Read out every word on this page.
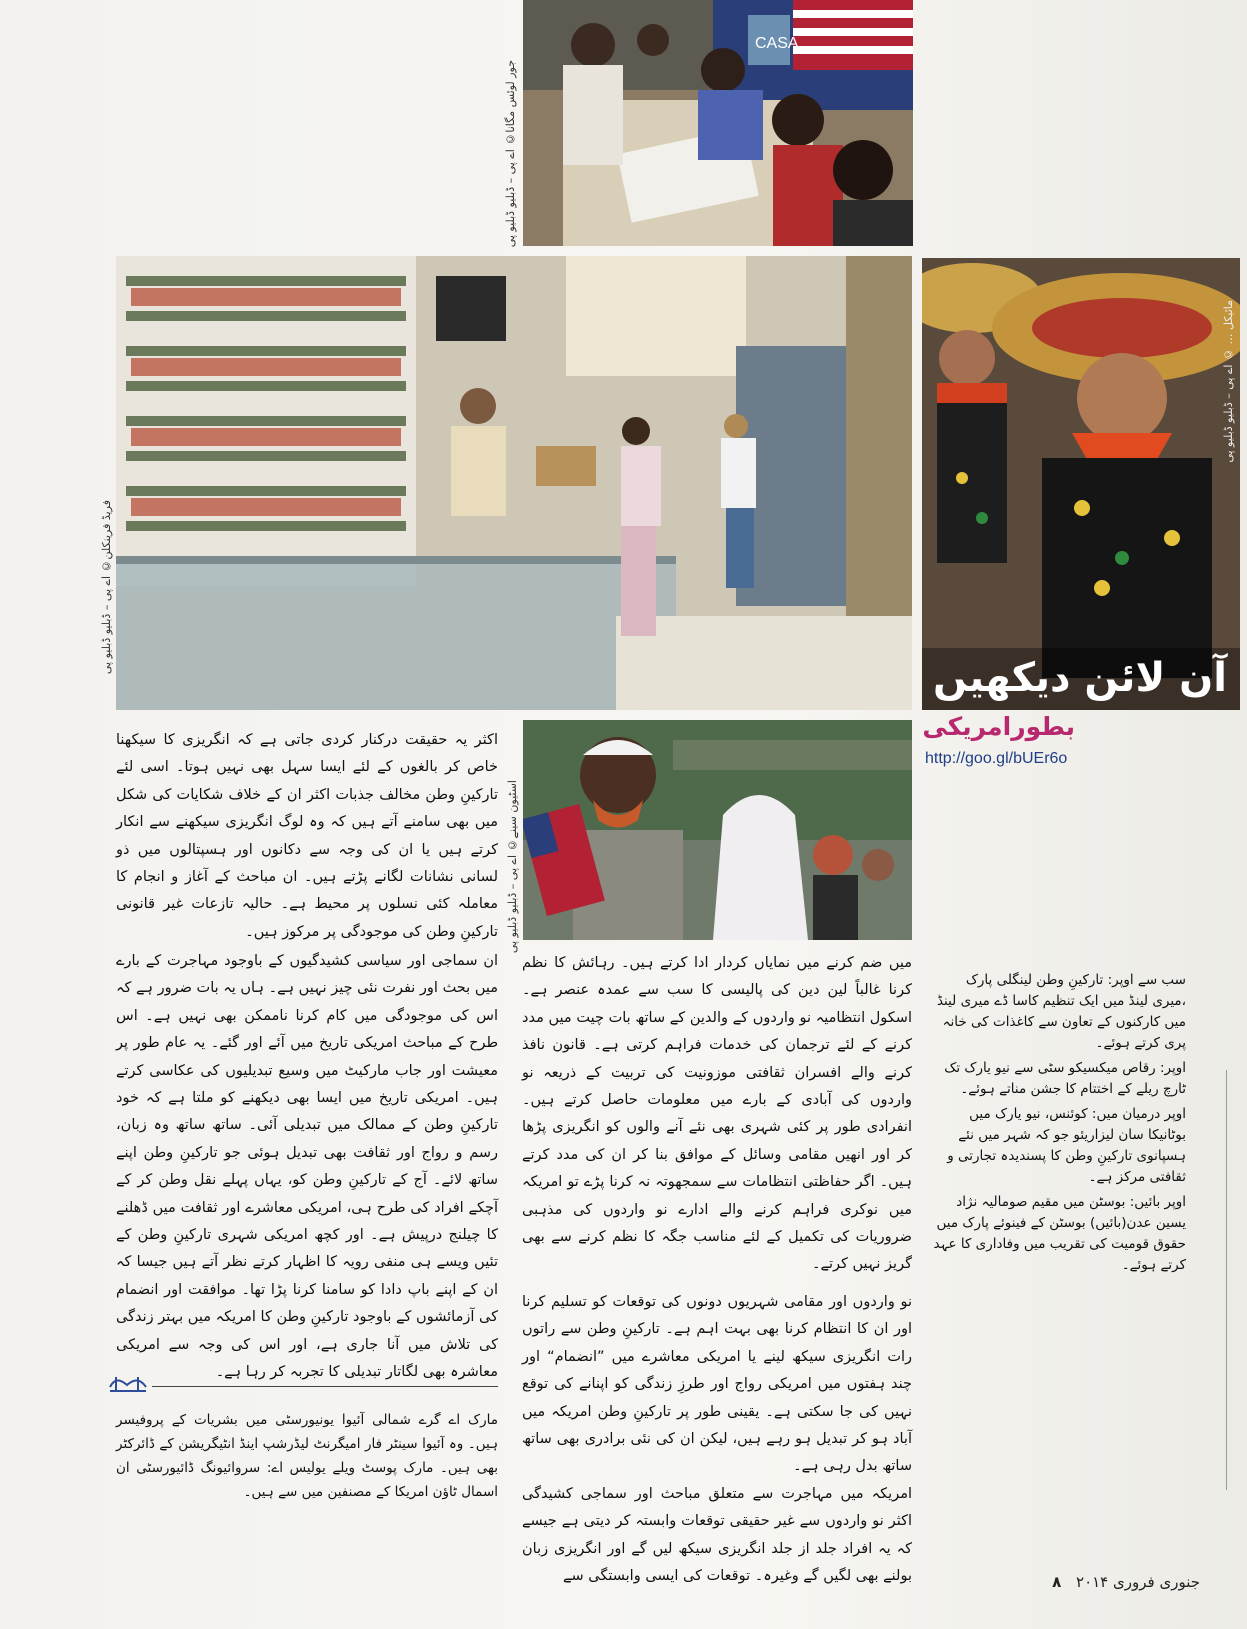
CASA
جور لوئس مگانا© اے پی – ڈبلیو ڈبلیو پی
فریڈ فرینکلن© اے پی – ڈبلیو ڈبلیو پی
مائیکل … © اے پی – ڈبلیو ڈبلیو پی
آن لائن دیکھیں
بطورامریکی
http://goo.gl/bUEr6o
اسٹیون سینے© اے پی – ڈبلیو ڈبلیو پی

اکثر یہ حقیقت درکنار کردی جاتی ہے کہ انگریزی کا سیکھنا خاص کر بالغوں کے لئے ایسا سہل بھی نہیں ہوتا۔ اسی لئے تارکینِ وطن مخالف جذبات اکثر ان کے خلاف شکایات کی شکل میں بھی سامنے آتے ہیں کہ وہ لوگ انگریزی سیکھنے سے انکار کرتے ہیں یا ان کی وجہ سے دکانوں اور ہسپتالوں میں ذو لسانی نشانات لگانے پڑتے ہیں۔ ان مباحث کے آغاز و انجام کا معاملہ کئی نسلوں پر محیط ہے۔ حالیہ تازعات غیر قانونی تارکینِ وطن کی موجودگی پر مرکوز ہیں۔

ان سماجی اور سیاسی کشیدگیوں کے باوجود مہاجرت کے بارے میں بحث اور نفرت نئی چیز نہیں ہے۔ ہاں یہ بات ضرور ہے کہ اس کی موجودگی میں کام کرنا ناممکن بھی نہیں ہے۔ اس طرح کے مباحث امریکی تاریخ میں آئے اور گئے۔ یہ عام طور پر معیشت اور جاب مارکیٹ میں وسیع تبدیلیوں کی عکاسی کرتے ہیں۔ امریکی تاریخ میں ایسا بھی دیکھنے کو ملتا ہے کہ خود تارکینِ وطن کے ممالک میں تبدیلی آئی۔ ساتھ ساتھ وہ زبان، رسم و رواج اور ثقافت بھی تبدیل ہوئی جو تارکینِ وطن اپنے ساتھ لائے۔ آج کے تارکینِ وطن کو، یہاں پہلے نقل وطن کر کے آچکے افراد کی طرح ہی، امریکی معاشرے اور ثقافت میں ڈھلنے کا چیلنج درپیش ہے۔ اور کچھ امریکی شہری تارکینِ وطن کے تئیں ویسے ہی منفی رویہ کا اظہار کرتے نظر آتے ہیں جیسا کہ ان کے اپنے باپ دادا کو سامنا کرنا پڑا تھا۔ موافقت اور انضمام کی آزمائشوں کے باوجود تارکینِ وطن کا امریکہ میں بہتر زندگی کی تلاش میں آنا جاری ہے، اور اس کی وجہ سے امریکی معاشرہ بھی لگاتار تبدیلی کا تجربہ کر رہا ہے۔

مارک اے گرے شمالی آئیوا یونیورسٹی میں بشریات کے پروفیسر ہیں۔ وہ آئیوا سینٹر فار امیگرنٹ لیڈرشپ اینڈ انٹیگریشن کے ڈائرکٹر بھی ہیں۔ مارک پوسٹ ویلے یولیس اے: سروائیونگ ڈائیورسٹی ان اسمال ٹاؤن امریکا کے مصنفین میں سے ہیں۔

میں ضم کرنے میں نمایاں کردار ادا کرتے ہیں۔ رہائش کا نظم کرنا غالباً لین دین کی پالیسی کا سب سے عمدہ عنصر ہے۔ اسکول انتظامیہ نو واردوں کے والدین کے ساتھ بات چیت میں مدد کرنے کے لئے ترجمان کی خدمات فراہم کرتی ہے۔ قانون نافذ کرنے والے افسران ثقافتی موزونیت کی تربیت کے ذریعہ نو واردوں کی آبادی کے بارے میں معلومات حاصل کرتے ہیں۔ انفرادی طور پر کئی شہری بھی نئے آنے والوں کو انگریزی پڑھا کر اور انھیں مقامی وسائل کے موافق بنا کر ان کی مدد کرتے ہیں۔ اگر حفاظتی انتظامات سے سمجھوتہ نہ کرنا پڑے تو امریکہ میں نوکری فراہم کرنے والے ادارے نو واردوں کی مذہبی ضروریات کی تکمیل کے لئے مناسب جگہ کا نظم کرنے سے بھی گریز نہیں کرتے۔

نو واردوں اور مقامی شہریوں دونوں کی توقعات کو تسلیم کرنا اور ان کا انتظام کرنا بھی بہت اہم ہے۔ تارکینِ وطن سے راتوں رات انگریزی سیکھ لینے یا امریکی معاشرے میں ”انضمام“ اور چند ہفتوں میں امریکی رواج اور طرزِ زندگی کو اپنانے کی توقع نہیں کی جا سکتی ہے۔ یقینی طور پر تارکینِ وطن امریکہ میں آباد ہو کر تبدیل ہو رہے ہیں، لیکن ان کی نئی برادری بھی ساتھ ساتھ بدل رہی ہے۔

امریکہ میں مہاجرت سے متعلق مباحث اور سماجی کشیدگی اکثر نو واردوں سے غیر حقیقی توقعات وابستہ کر دیتی ہے جیسے کہ یہ افراد جلد از جلد انگریزی سیکھ لیں گے اور انگریزی زبان بولنے بھی لگیں گے وغیرہ۔ توقعات کی ایسی وابستگی سے

سب سے اوپر: تارکینِ وطن لینگلی پارک ،میری لینڈ میں ایک تنظیم کاسا ڈے میری لینڈ میں کارکنوں کے تعاون سے کاغذات کی خانہ پری کرتے ہوئے۔

اوپر: رقاص میکسیکو سٹی سے نیو یارک تک ٹارچ ریلے کے اختتام کا جشن مناتے ہوئے۔

اوپر درمیان میں: کوئنس، نیو یارک میں بوٹانیکا سان لیزاریئو جو کہ شہر میں نئے ہسپانوی تارکینِ وطن کا پسندیدہ تجارتی و ثقافتی مرکز ہے۔

اوپر بائیں: بوسٹن میں مقیم صومالیہ نژاد یسین عدن(بائیں) بوسٹن کے فینوئے پارک میں حقوق قومیت کی تقریب میں وفاداری کا عہد کرتے ہوئے۔

جنوری فروری ۲۰۱۴ ۸
